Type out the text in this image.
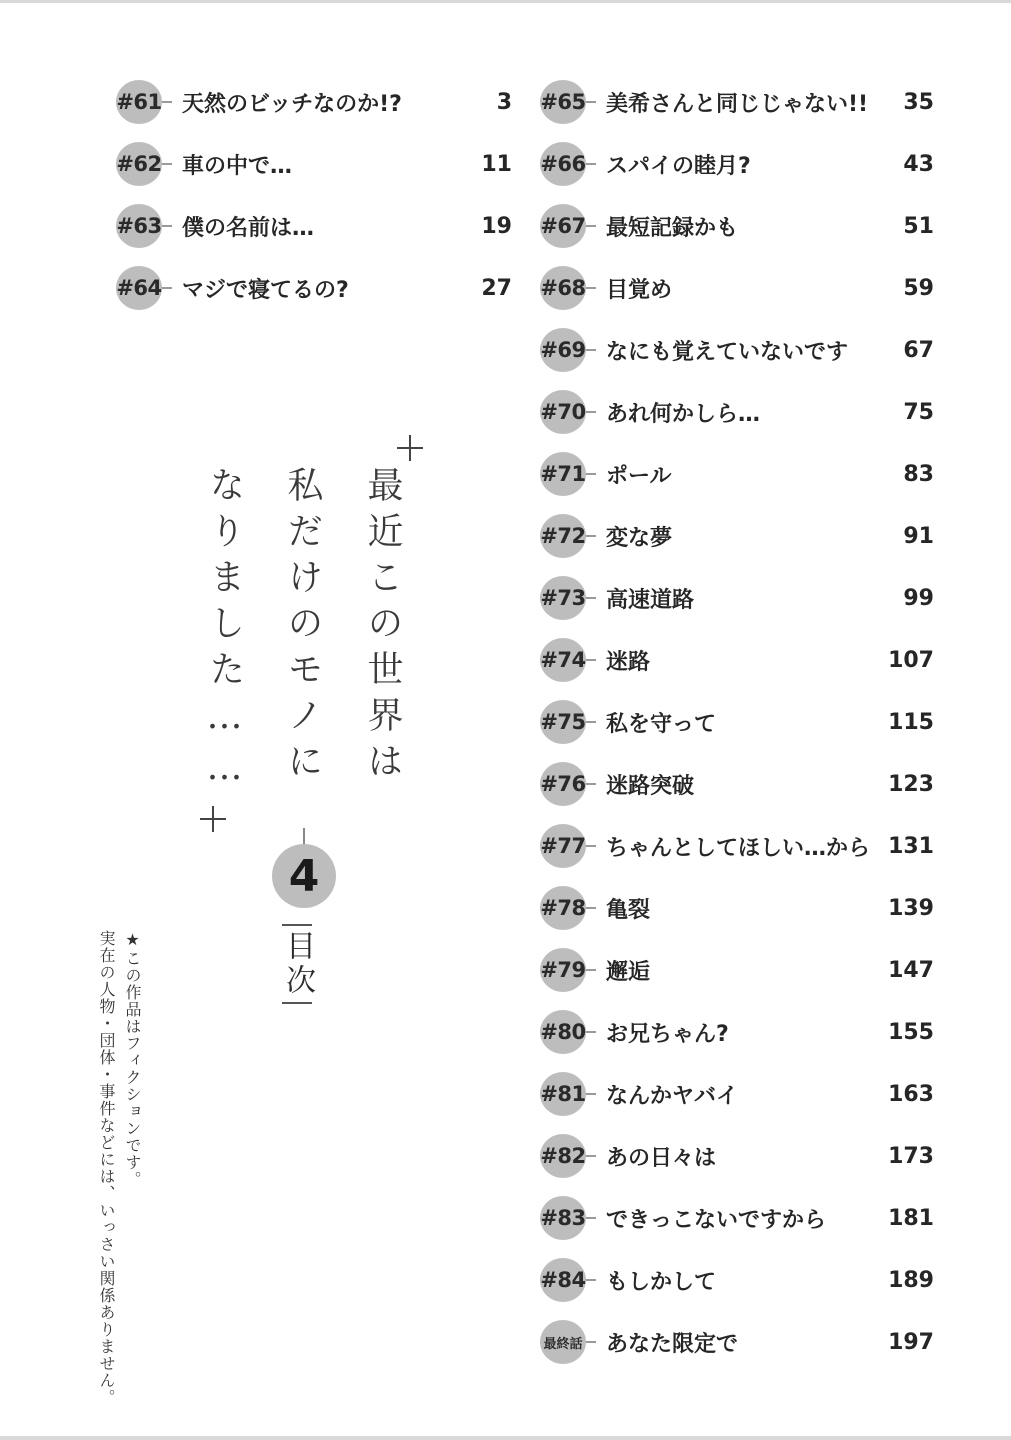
#61 天然のビッチなのか!?	3
#62 車の中で…	11
#63 僕の名前は…	19
#64 マジで寝てるの?	27
#65 美希さんと同じじゃない!!	35
#66 スパイの睦月?	43
#67 最短記録かも	51
#68 目覚め	59
#69 なにも覚えていないです	67
#70 あれ何かしら…	75
#71 ポール	83
#72 変な夢	91
#73 高速道路	99
#74 迷路	107
#75 私を守って	115
#76 迷路突破	123
#77 ちゃんとしてほしい…から 131
#78 亀裂	139
#79 邂逅	147
#80 お兄ちゃん?	155
#81 なんかヤバイ	163
#82 あの日々は	173
#83 できっこないですから	181
#84 もしかして	189
最終話 あなた限定で	197
最近この世界は
私だけのモノに
なりました……
4
目次
★この作品はフィクションです。
実在の人物・団体・事件などには、いっさい関係ありません。
